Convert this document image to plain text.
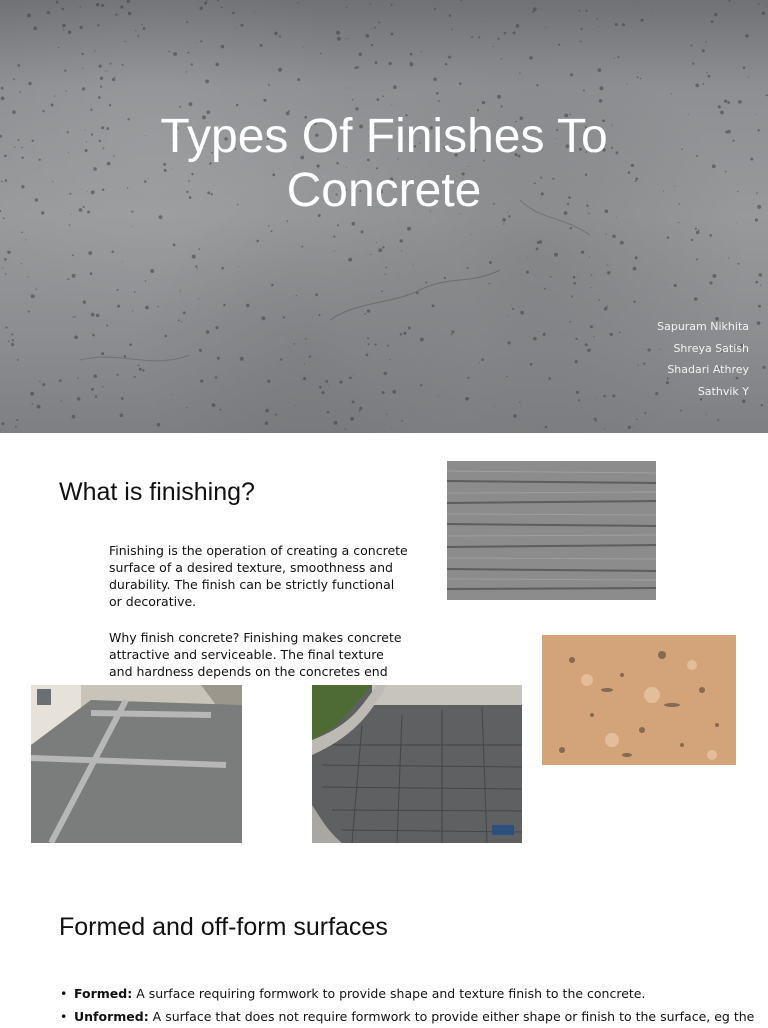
Types Of Finishes To
Concrete
Sapuram Nikhita
Shreya Satish
Shadari Athrey
Sathvik Y
What is finishing?
Finishing is the operation of creating a concrete surface of a desired texture, smoothness and durability. The finish can be strictly functional or decorative.
Why finish concrete? Finishing makes concrete attractive and serviceable. The final texture and hardness depends on the concretes end
Formed and off-form surfaces
• Formed: A surface requiring formwork to provide shape and texture finish to the concrete.
• Unformed: A surface that does not require formwork to provide either shape or finish to the surface, eg the
